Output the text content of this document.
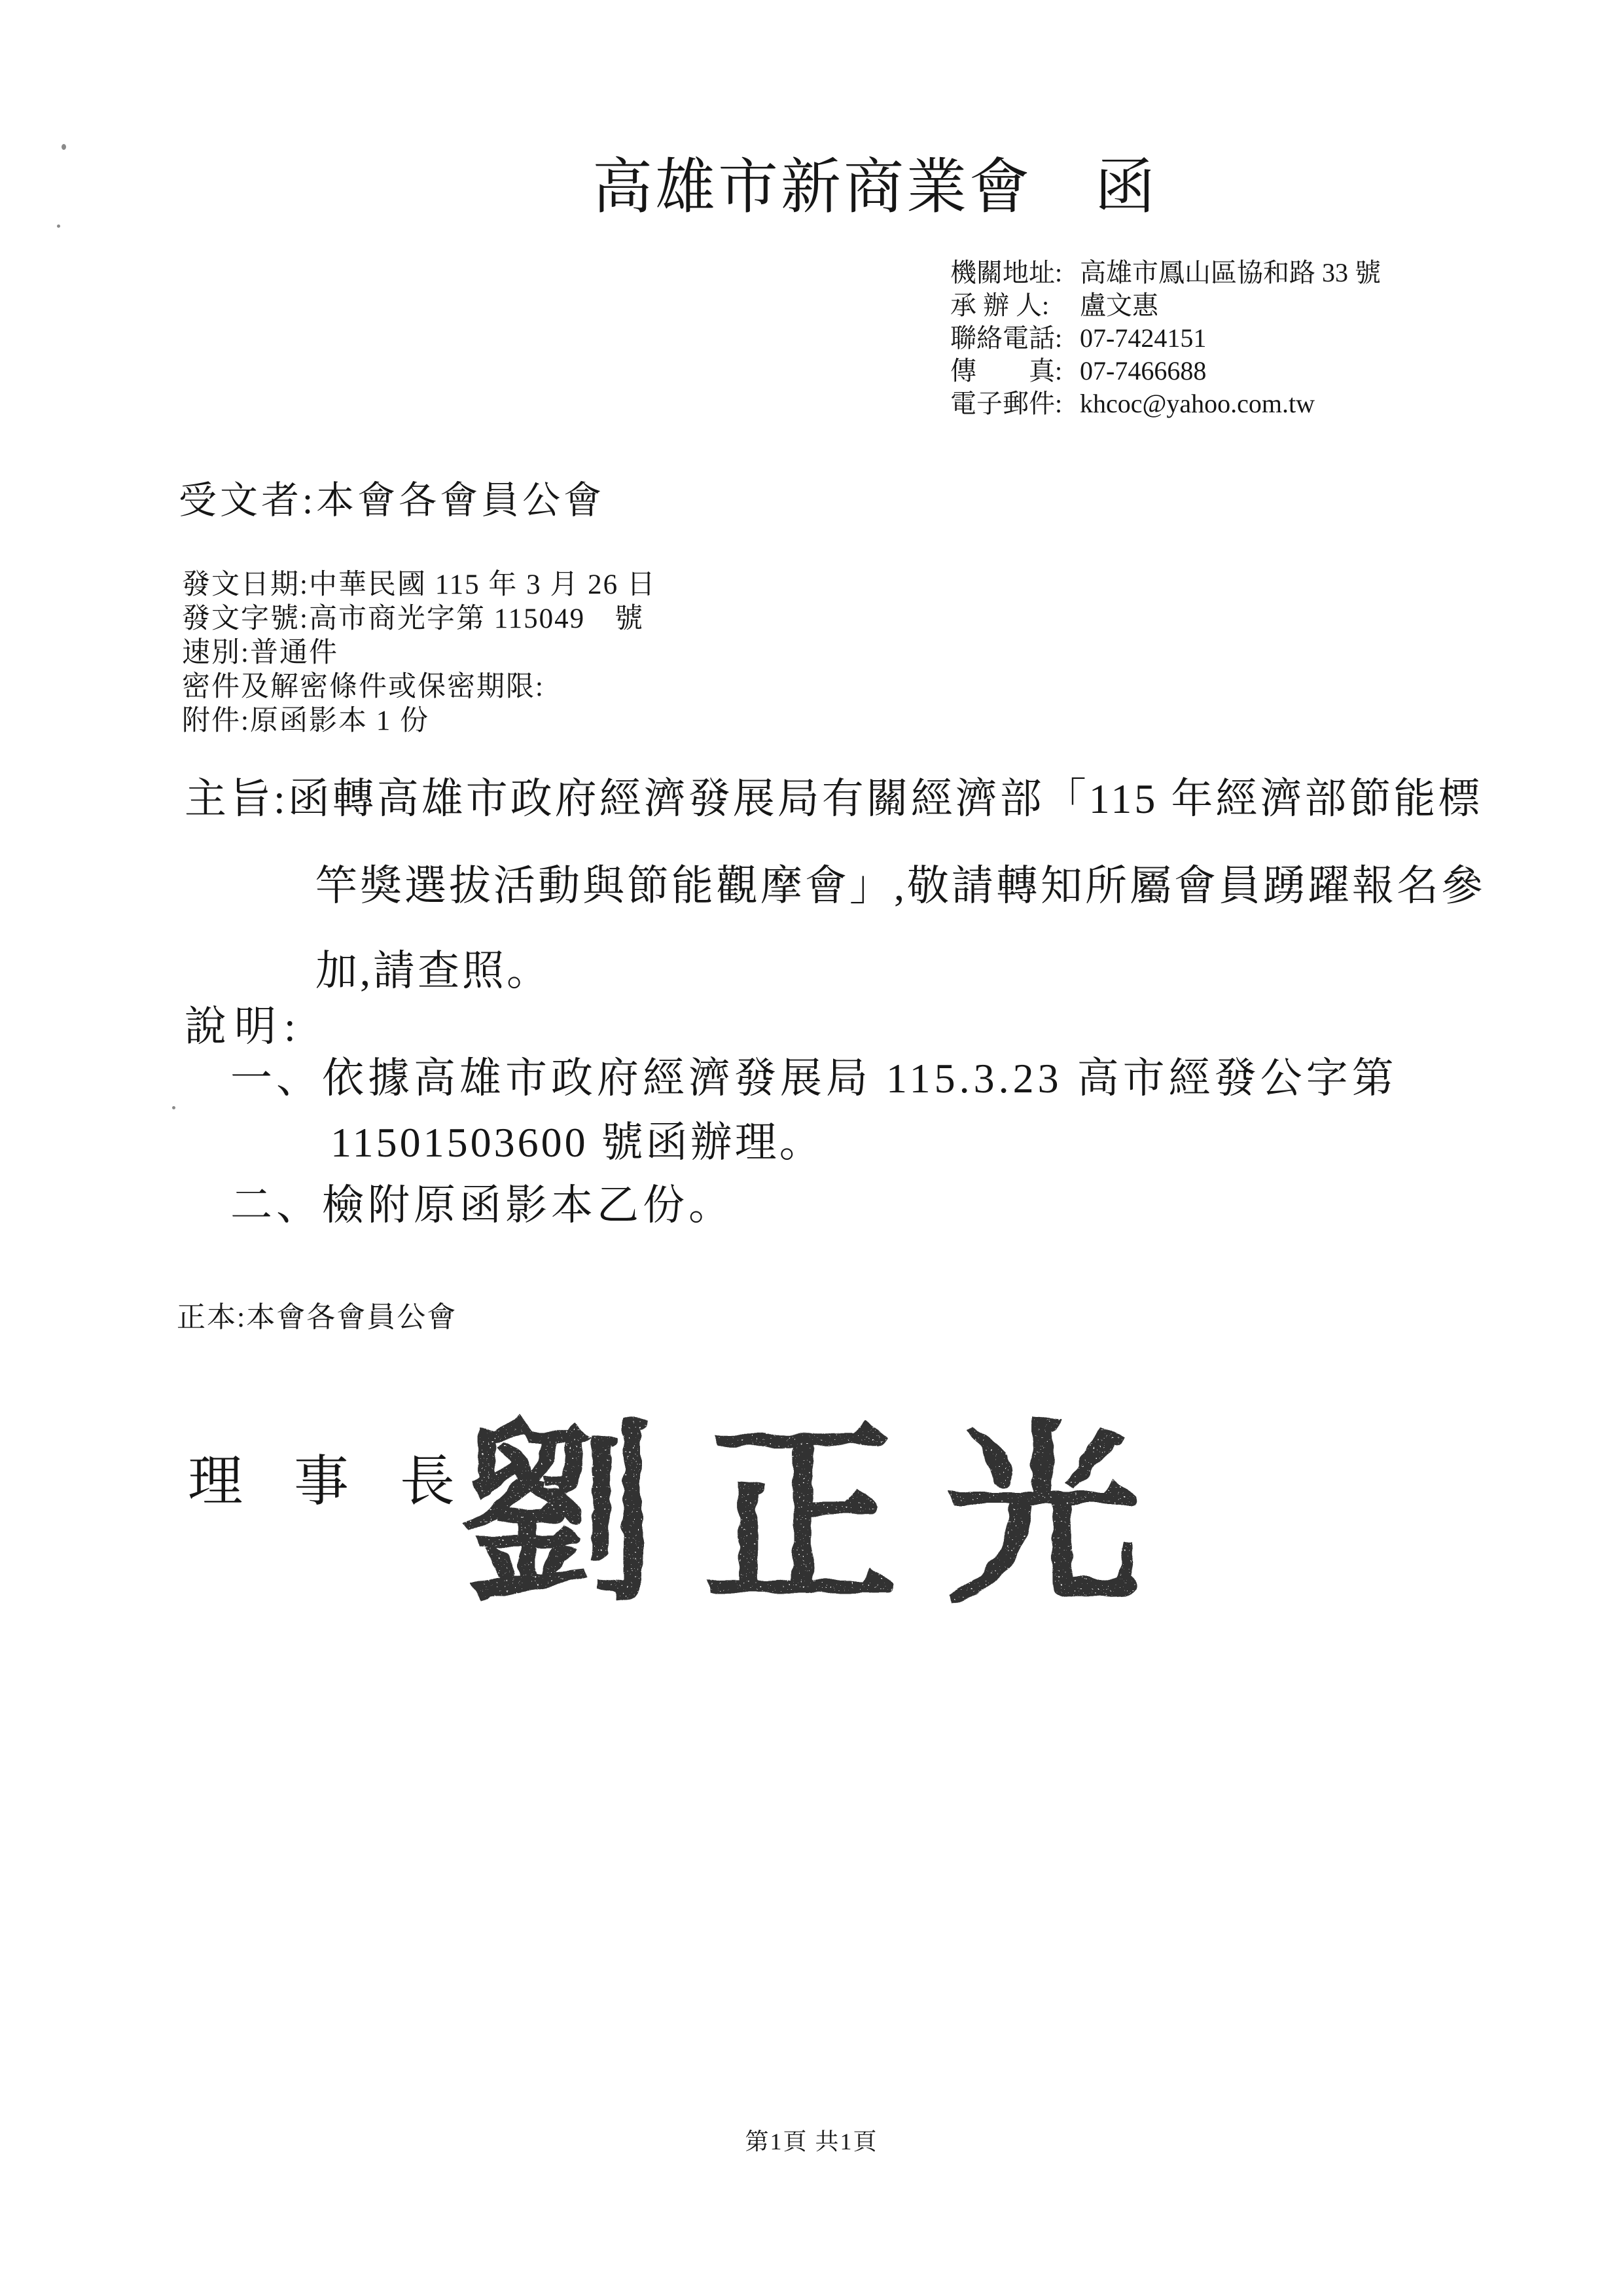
高雄市新商業會　函
機關地址: 高雄市鳳山區協和路 33 號
承 辦 人:	盧文惠
聯絡電話: 07-7424151
傳　　真: 07-7466688
電子郵件: khcoc@yahoo.com.tw
受文者:本會各會員公會
發文日期:中華民國 115 年 3 月 26 日
發文字號:高市商光字第 115049　號
速別:普通件
密件及解密條件或保密期限:
附件:原函影本 1 份
主旨:函轉高雄市政府經濟發展局有關經濟部「115 年經濟部節能標
竿獎選拔活動與節能觀摩會」,敬請轉知所屬會員踴躍報名參
加,請查照。
說明:
一、依據高雄市政府經濟發展局 115.3.23 高市經發公字第
11501503600 號函辦理。
二、檢附原函影本乙份。
正本:本會各會員公會
理事長
劉正光
第1頁 共1頁
